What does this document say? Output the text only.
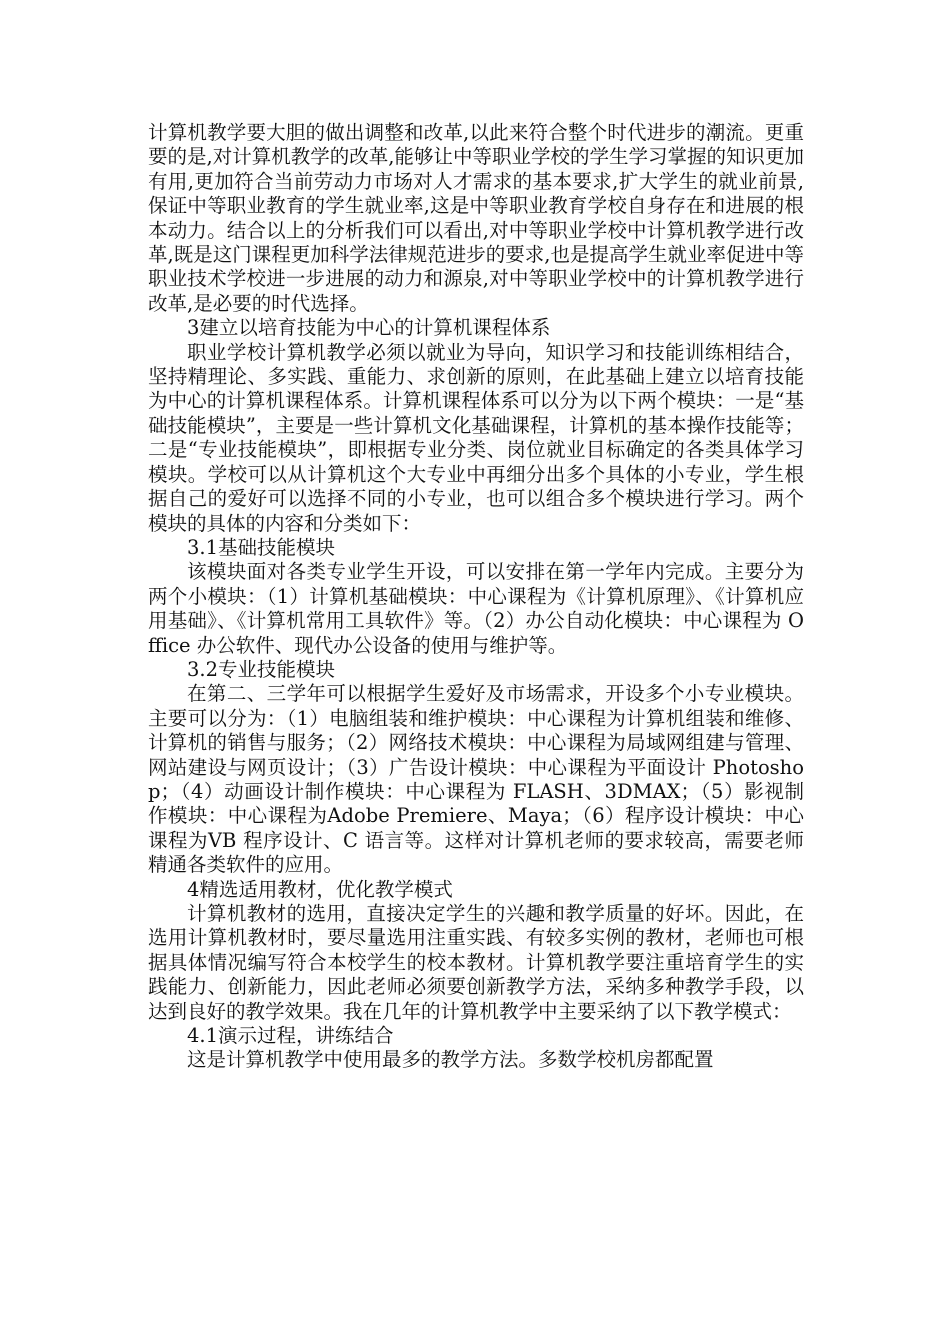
计算机教学要大胆的做出调整和改革,以此来符合整个时代进步的潮流。更重要的是,对计算机教学的改革,能够让中等职业学校的学生学习掌握的知识更加有用,更加符合当前劳动力市场对人才需求的基本要求,扩大学生的就业前景,保证中等职业教育的学生就业率,这是中等职业教育学校自身存在和进展的根本动力。结合以上的分析我们可以看出,对中等职业学校中计算机教学进行改革,既是这门课程更加科学法律规范进步的要求,也是提高学生就业率促进中等职业技术学校进一步进展的动力和源泉,对中等职业学校中的计算机教学进行改革,是必要的时代选择。

3建立以培育技能为中心的计算机课程体系

职业学校计算机教学必须以就业为导向，知识学习和技能训练相结合，坚持精理论、多实践、重能力、求创新的原则，在此基础上建立以培育技能为中心的计算机课程体系。计算机课程体系可以分为以下两个模块：一是“基础技能模块”，主要是一些计算机文化基础课程，计算机的基本操作技能等；二是“专业技能模块”，即根据专业分类、岗位就业目标确定的各类具体学习模块。学校可以从计算机这个大专业中再细分出多个具体的小专业，学生根据自己的爱好可以选择不同的小专业，也可以组合多个模块进行学习。两个模块的具体的内容和分类如下：

3.1基础技能模块

该模块面对各类专业学生开设，可以安排在第一学年内完成。主要分为两个小模块：（1）计算机基础模块：中心课程为《计算机原理》、《计算机应用基础》、《计算机常用工具软件》等。（2）办公自动化模块：中心课程为 Office 办公软件、现代办公设备的使用与维护等。

3.2专业技能模块

在第二、三学年可以根据学生爱好及市场需求，开设多个小专业模块。主要可以分为：（1）电脑组装和维护模块：中心课程为计算机组装和维修、计算机的销售与服务；（2）网络技术模块：中心课程为局域网组建与管理、网站建设与网页设计；（3）广告设计模块：中心课程为平面设计 Photoshop；（4）动画设计制作模块：中心课程为 FLASH、3DMAX；（5）影视制作模块：中心课程为Adobe Premiere、Maya；（6）程序设计模块：中心课程为VB 程序设计、C 语言等。这样对计算机老师的要求较高，需要老师精通各类软件的应用。

4精选适用教材，优化教学模式

计算机教材的选用，直接决定学生的兴趣和教学质量的好坏。因此，在选用计算机教材时，要尽量选用注重实践、有较多实例的教材，老师也可根据具体情况编写符合本校学生的校本教材。计算机教学要注重培育学生的实践能力、创新能力，因此老师必须要创新教学方法，采纳多种教学手段，以达到良好的教学效果。我在几年的计算机教学中主要采纳了以下教学模式：

4.1演示过程，讲练结合

这是计算机教学中使用最多的教学方法。多数学校机房都配置
